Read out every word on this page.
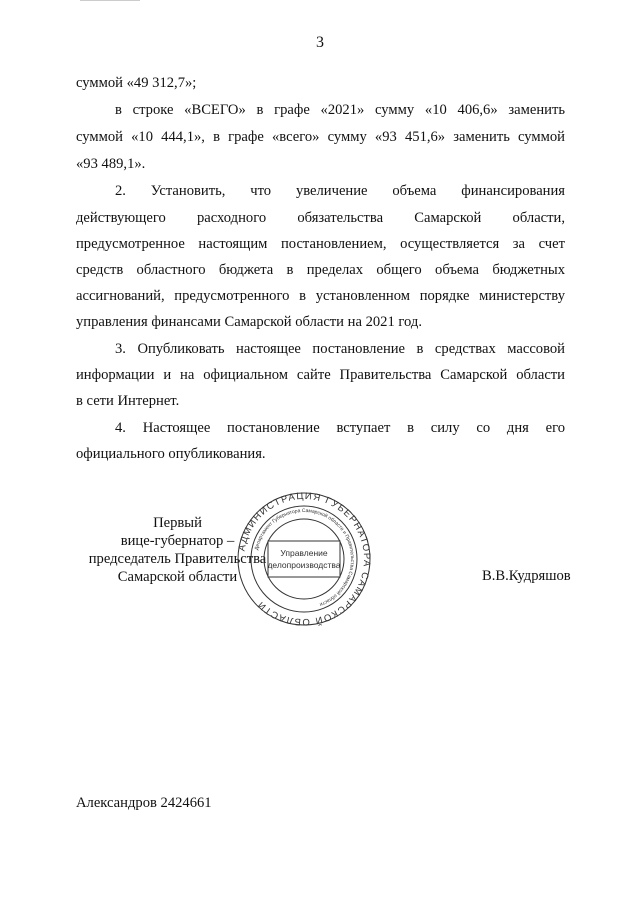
3
суммой «49 312,7»;
в строке «ВСЕГО» в графе «2021» сумму «10 406,6» заменить
суммой «10 444,1», в графе «всего» сумму «93 451,6» заменить суммой
«93 489,1».
2. Установить, что увеличение объема финансирования
действующего расходного обязательства Самарской области,
предусмотренное настоящим постановлением, осуществляется за счет
средств областного бюджета в пределах общего объема бюджетных
ассигнований, предусмотренного в установленном порядке министерству
управления финансами Самарской области на 2021 год.
3. Опубликовать настоящее постановление в средствах массовой
информации и на официальном сайте Правительства Самарской области
в сети Интернет.
4. Настоящее постановление вступает в силу со дня его
официального опубликования.
Первый
вице-губернатор –
председатель Правительства
Самарской области	В.В.Кудряшов
АДМИНИСТРАЦИЯ ГУБЕРНАТОРА САМАРСКОЙ ОБЛАСТИ
Департамент Губернатора Самарской области и Правительства Самарской области
Управление
делопроизводства
Александров 2424661
